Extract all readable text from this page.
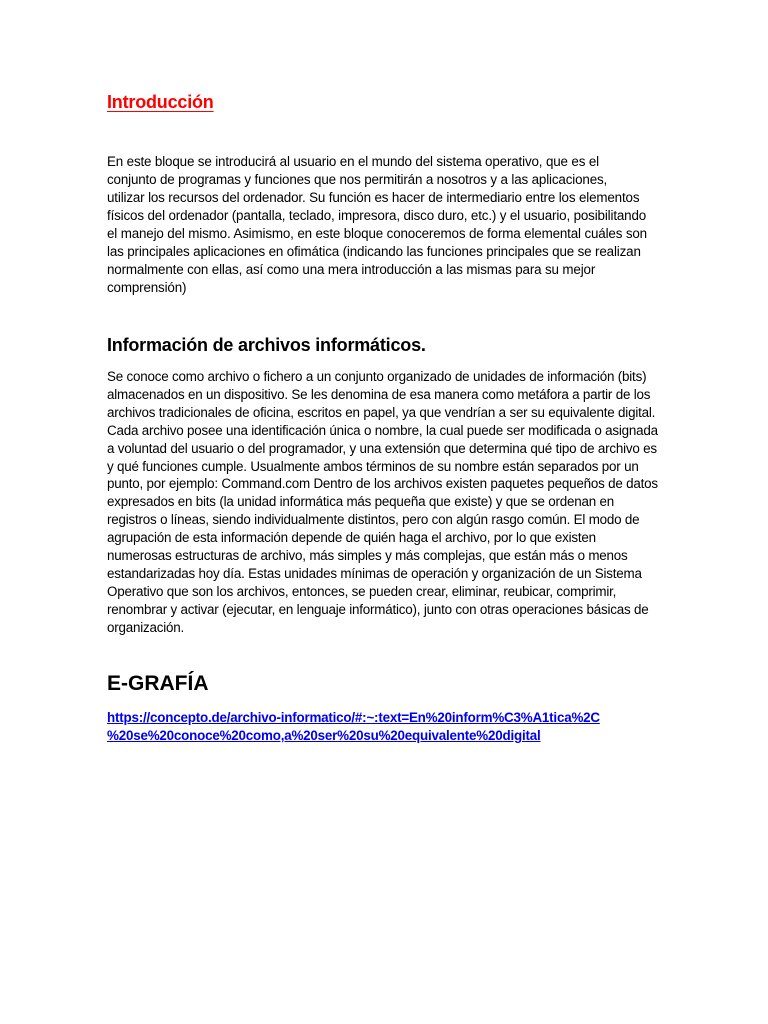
Introducción

En este bloque se introducirá al usuario en el mundo del sistema operativo, que es el conjunto de programas y funciones que nos permitirán a nosotros y a las aplicaciones, utilizar los recursos del ordenador. Su función es hacer de intermediario entre los elementos físicos del ordenador (pantalla, teclado, impresora, disco duro, etc.) y el usuario, posibilitando el manejo del mismo. Asimismo, en este bloque conoceremos de forma elemental cuáles son las principales aplicaciones en ofimática (indicando las funciones principales que se realizan normalmente con ellas, así como una mera introducción a las mismas para su mejor comprensión)

Información de archivos informáticos.

Se conoce como archivo o fichero a un conjunto organizado de unidades de información (bits) almacenados en un dispositivo. Se les denomina de esa manera como metáfora a partir de los archivos tradicionales de oficina, escritos en papel, ya que vendrían a ser su equivalente digital. Cada archivo posee una identificación única o nombre, la cual puede ser modificada o asignada a voluntad del usuario o del programador, y una extensión que determina qué tipo de archivo es y qué funciones cumple. Usualmente ambos términos de su nombre están separados por un punto, por ejemplo: Command.com Dentro de los archivos existen paquetes pequeños de datos expresados en bits (la unidad informática más pequeña que existe) y que se ordenan en registros o líneas, siendo individualmente distintos, pero con algún rasgo común. El modo de agrupación de esta información depende de quién haga el archivo, por lo que existen numerosas estructuras de archivo, más simples y más complejas, que están más o menos estandarizadas hoy día. Estas unidades mínimas de operación y organización de un Sistema Operativo que son los archivos, entonces, se pueden crear, eliminar, reubicar, comprimir, renombrar y activar (ejecutar, en lenguaje informático), junto con otras operaciones básicas de organización.

E-GRAFÍA
https://concepto.de/archivo-informatico/#:~:text=En%20inform%C3%A1tica%2C
%20se%20conoce%20como,a%20ser%20su%20equivalente%20digital
